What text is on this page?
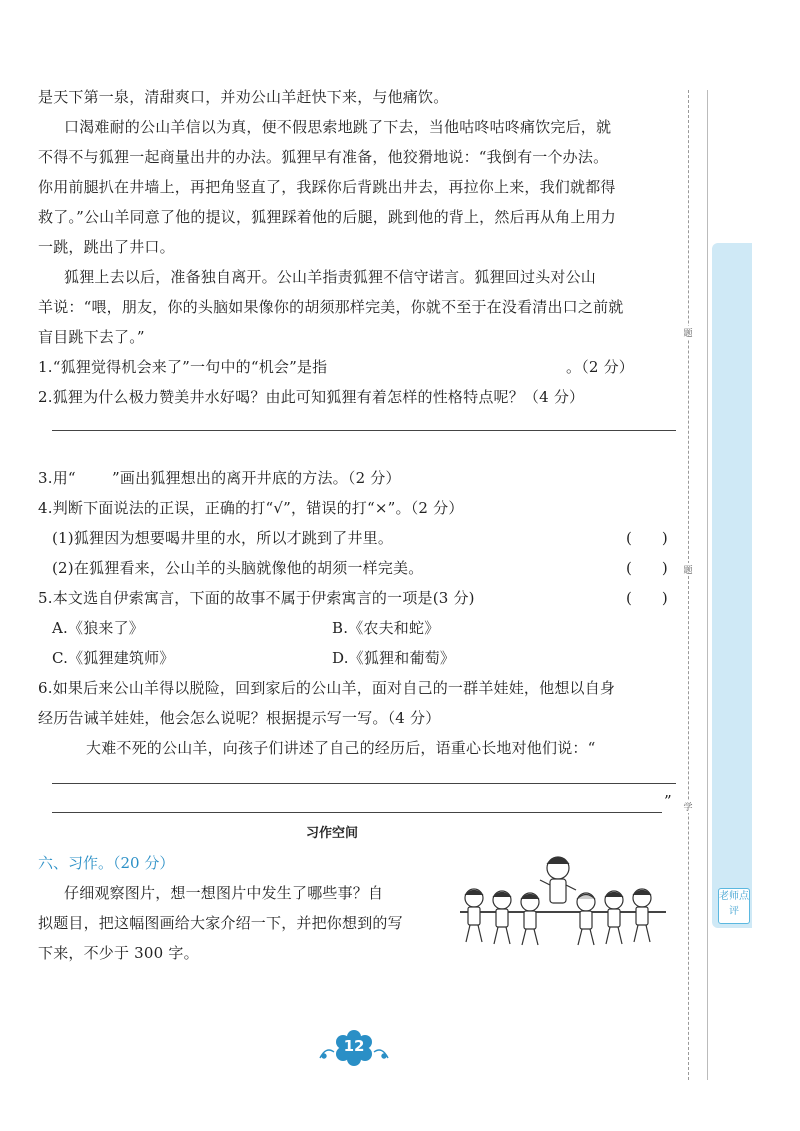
是天下第一泉，清甜爽口，并劝公山羊赶快下来，与他痛饮。
口渴难耐的公山羊信以为真，便不假思索地跳了下去，当他咕咚咕咚痛饮完后，就
不得不与狐狸一起商量出井的办法。狐狸早有准备，他狡猾地说：“我倒有一个办法。
你用前腿扒在井墙上，再把角竖直了，我踩你后背跳出井去，再拉你上来，我们就都得
救了。”公山羊同意了他的提议，狐狸踩着他的后腿，跳到他的背上，然后再从角上用力
一跳，跳出了井口。
狐狸上去以后，准备独自离开。公山羊指责狐狸不信守诺言。狐狸回过头对公山
羊说：“喂，朋友，你的头脑如果像你的胡须那样完美，你就不至于在没看清出口之前就
盲目跳下去了。”
1.“狐狸觉得机会来了”一句中的“机会”是指	。（2 分）
2.狐狸为什么极力赞美井水好喝？由此可知狐狸有着怎样的性格特点呢？（4 分）
3.用“ ”画出狐狸想出的离开井底的方法。（2 分）
4.判断下面说法的正误，正确的打“√”，错误的打“×”。（2 分）
(1)狐狸因为想要喝井里的水，所以才跳到了井里。	(　　)
(2)在狐狸看来，公山羊的头脑就像他的胡须一样完美。	(　　)
5.本文选自伊索寓言，下面的故事不属于伊索寓言的一项是(3 分)	(　　)
A.《狼来了》	B.《农夫和蛇》
C.《狐狸建筑师》	D.《狐狸和葡萄》
6.如果后来公山羊得以脱险，回到家后的公山羊，面对自己的一群羊娃娃，他想以自身
经历告诫羊娃娃，他会怎么说呢？根据提示写一写。（4 分）
大难不死的公山羊，向孩子们讲述了自己的经历后，语重心长地对他们说：“
”
习作空间
六、习作。（20 分）
仔细观察图片，想一想图片中发生了哪些事？自
拟题目，把这幅图画给大家介绍一下，并把你想到的写
下来，不少于 300 字。
题
题
学
老师点评
12
